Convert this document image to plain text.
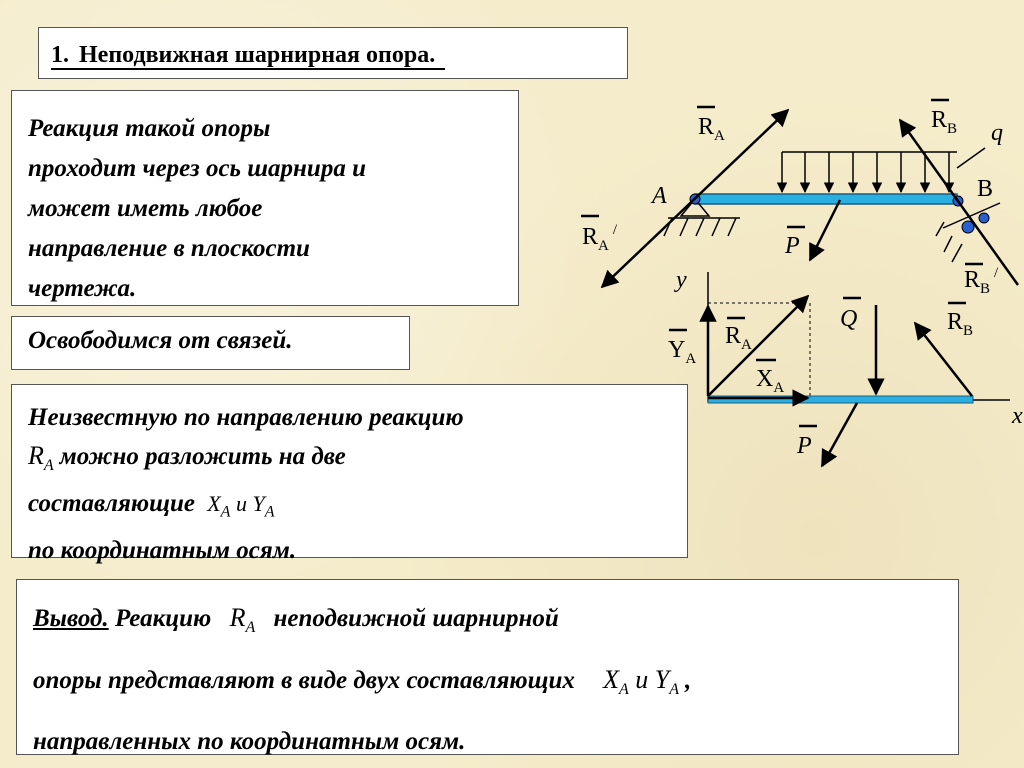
1. Неподвижная шарнирная опора.
Реакция такой опоры
проходит через ось шарнира и
может иметь любое
направление в плоскости
чертежа.
Освободимся от связей.
Неизвестную по направлению реакцию
$R_A$ можно разложить на две
составляющие $X_A$ и $Y_A$
по координатным осям.
Вывод. Реакцию $R_A$ неподвижной шарнирной
опоры представляют в виде двух составляющих $X_A$ и $Y_A$ ,
направленных по координатным осям.
$R_A$
$R_B$ q
A	B
$R_A^/$
P
$R_B^/$
y
Q	$R_B$
$R_A$
$Y_A$
$X_A$
x
P
